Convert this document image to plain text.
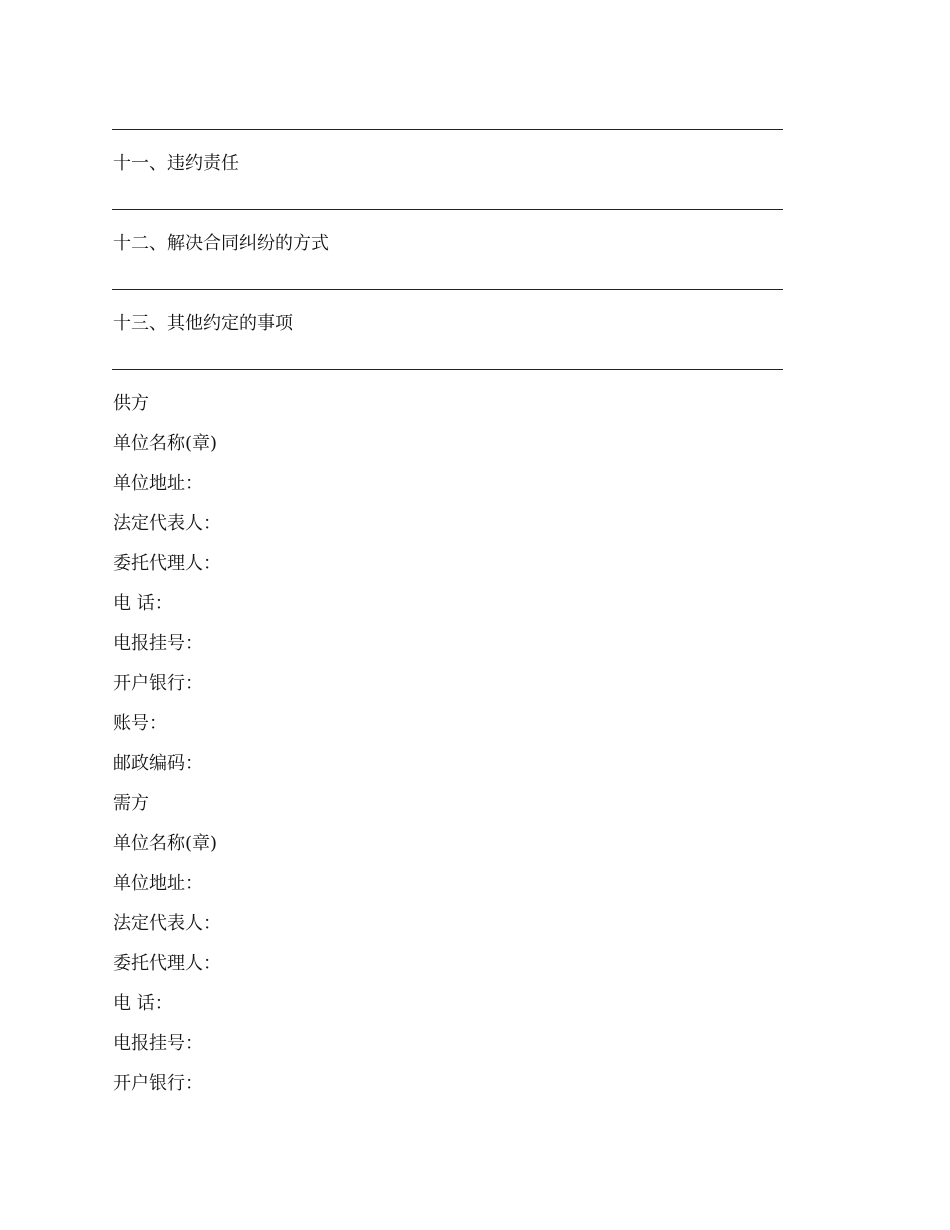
十一、违约责任
十二、解决合同纠纷的方式
十三、其他约定的事项
供方
单位名称(章)
单位地址：
法定代表人：
委托代理人：
电 话：
电报挂号：
开户银行：
账号：
邮政编码：
需方
单位名称(章)
单位地址：
法定代表人：
委托代理人：
电 话：
电报挂号：
开户银行：
